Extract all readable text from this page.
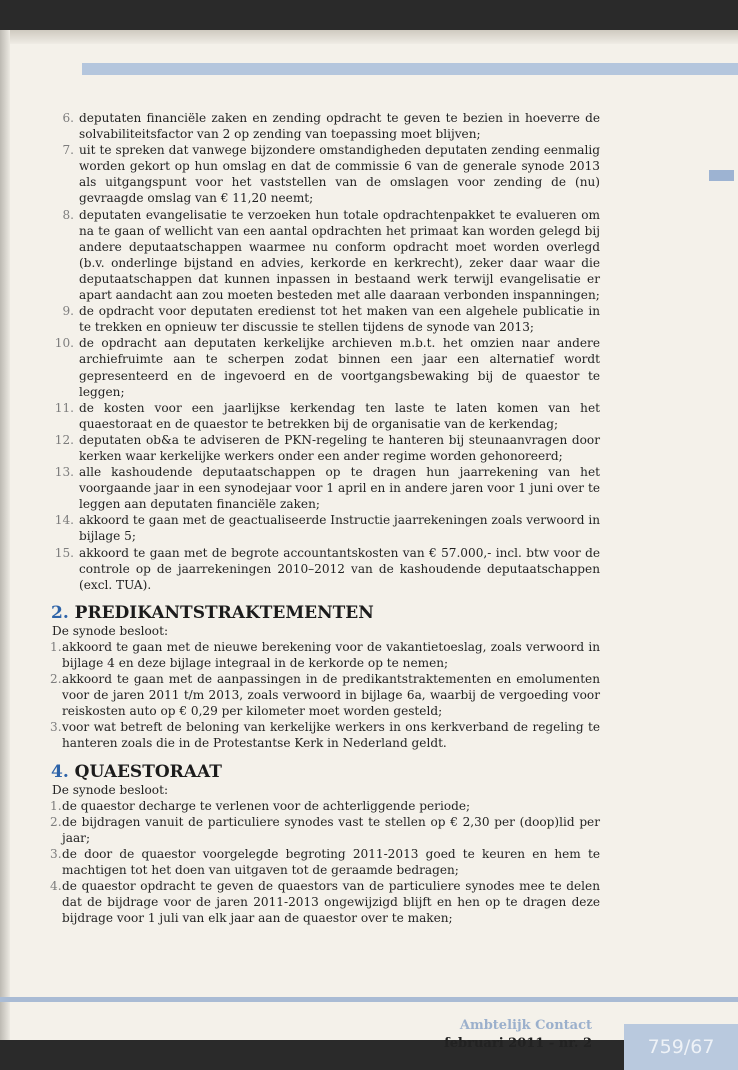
6. deputaten financiële zaken en zending opdracht te geven te bezien in hoeverre de solvabiliteitsfactor van 2 op zending van toepassing moet blijven;
7. uit te spreken dat vanwege bijzondere omstandigheden deputaten zending eenmalig worden gekort op hun omslag en dat de commissie 6 van de generale synode 2013 als uitgangspunt voor het vaststellen van de omslagen voor zending de (nu) gevraagde omslag van € 11,20 neemt;
8. deputaten evangelisatie te verzoeken hun totale opdrachtenpakket te evalueren om na te gaan of wellicht van een aantal opdrachten het primaat kan worden gelegd bij andere deputaatschappen waarmee nu conform opdracht moet worden overlegd (b.v. onderlinge bijstand en advies, kerkorde en kerkrecht), zeker daar waar die deputaatschappen dat kunnen inpassen in bestaand werk terwijl evangelisatie er apart aandacht aan zou moeten besteden met alle daaraan verbonden inspanningen;
9. de opdracht voor deputaten eredienst tot het maken van een algehele publicatie in te trekken en opnieuw ter discussie te stellen tijdens de synode van 2013;
10. de opdracht aan deputaten kerkelijke archieven m.b.t. het omzien naar andere archiefruimte aan te scherpen zodat binnen een jaar een alternatief wordt gepresenteerd en de ingevoerd en de voortgangsbewaking bij de quaestor te leggen;
11. de kosten voor een jaarlijkse kerkendag ten laste te laten komen van het quaestoraat en de quaestor te betrekken bij de organisatie van de kerkendag;
12. deputaten ob&a te adviseren de PKN-regeling te hanteren bij steunaanvragen door kerken waar kerkelijke werkers onder een ander regime worden gehonoreerd;
13. alle kashoudende deputaatschappen op te dragen hun jaarrekening van het voorgaande jaar in een synodejaar voor 1 april en in andere jaren voor 1 juni over te leggen aan deputaten financiële zaken;
14. akkoord te gaan met de geactualiseerde Instructie jaarrekeningen zoals verwoord in bijlage 5;
15. akkoord te gaan met de begrote accountantskosten van € 57.000,- incl. btw voor de controle op de jaarrekeningen 2010–2012 van de kashoudende deputaatschappen (excl. TUA).
2. PREDIKANTSTRAKTEMENTEN

De synode besloot:

1. akkoord te gaan met de nieuwe berekening voor de vakantietoeslag, zoals verwoord in bijlage 4 en deze bijlage integraal in de kerkorde op te nemen;
2. akkoord te gaan met de aanpassingen in de predikantstraktementen en emolumenten voor de jaren 2011 t/m 2013, zoals verwoord in bijlage 6a, waarbij de vergoeding voor reiskosten auto op € 0,29 per kilometer moet worden gesteld;
3. voor wat betreft de beloning van kerkelijke werkers in ons kerkverband de regeling te hanteren zoals die in de Protestantse Kerk in Nederland geldt.
4. QUAESTORAAT

De synode besloot:

1. de quaestor decharge te verlenen voor de achterliggende periode;
2. de bijdragen vanuit de particuliere synodes vast te stellen op € 2,30 per (doop)lid per jaar;
3. de door de quaestor voorgelegde begroting 2011-2013 goed te keuren en hem te machtigen tot het doen van uitgaven tot de geraamde bedragen;
4. de quaestor opdracht te geven de quaestors van de particuliere synodes mee te delen dat de bijdrage voor de jaren 2011-2013 ongewijzigd blijft en hen op te dragen deze bijdrage voor 1 juli van elk jaar aan de quaestor over te maken;
Ambtelijk Contact
februari 2011 - nr. 2	759/67
